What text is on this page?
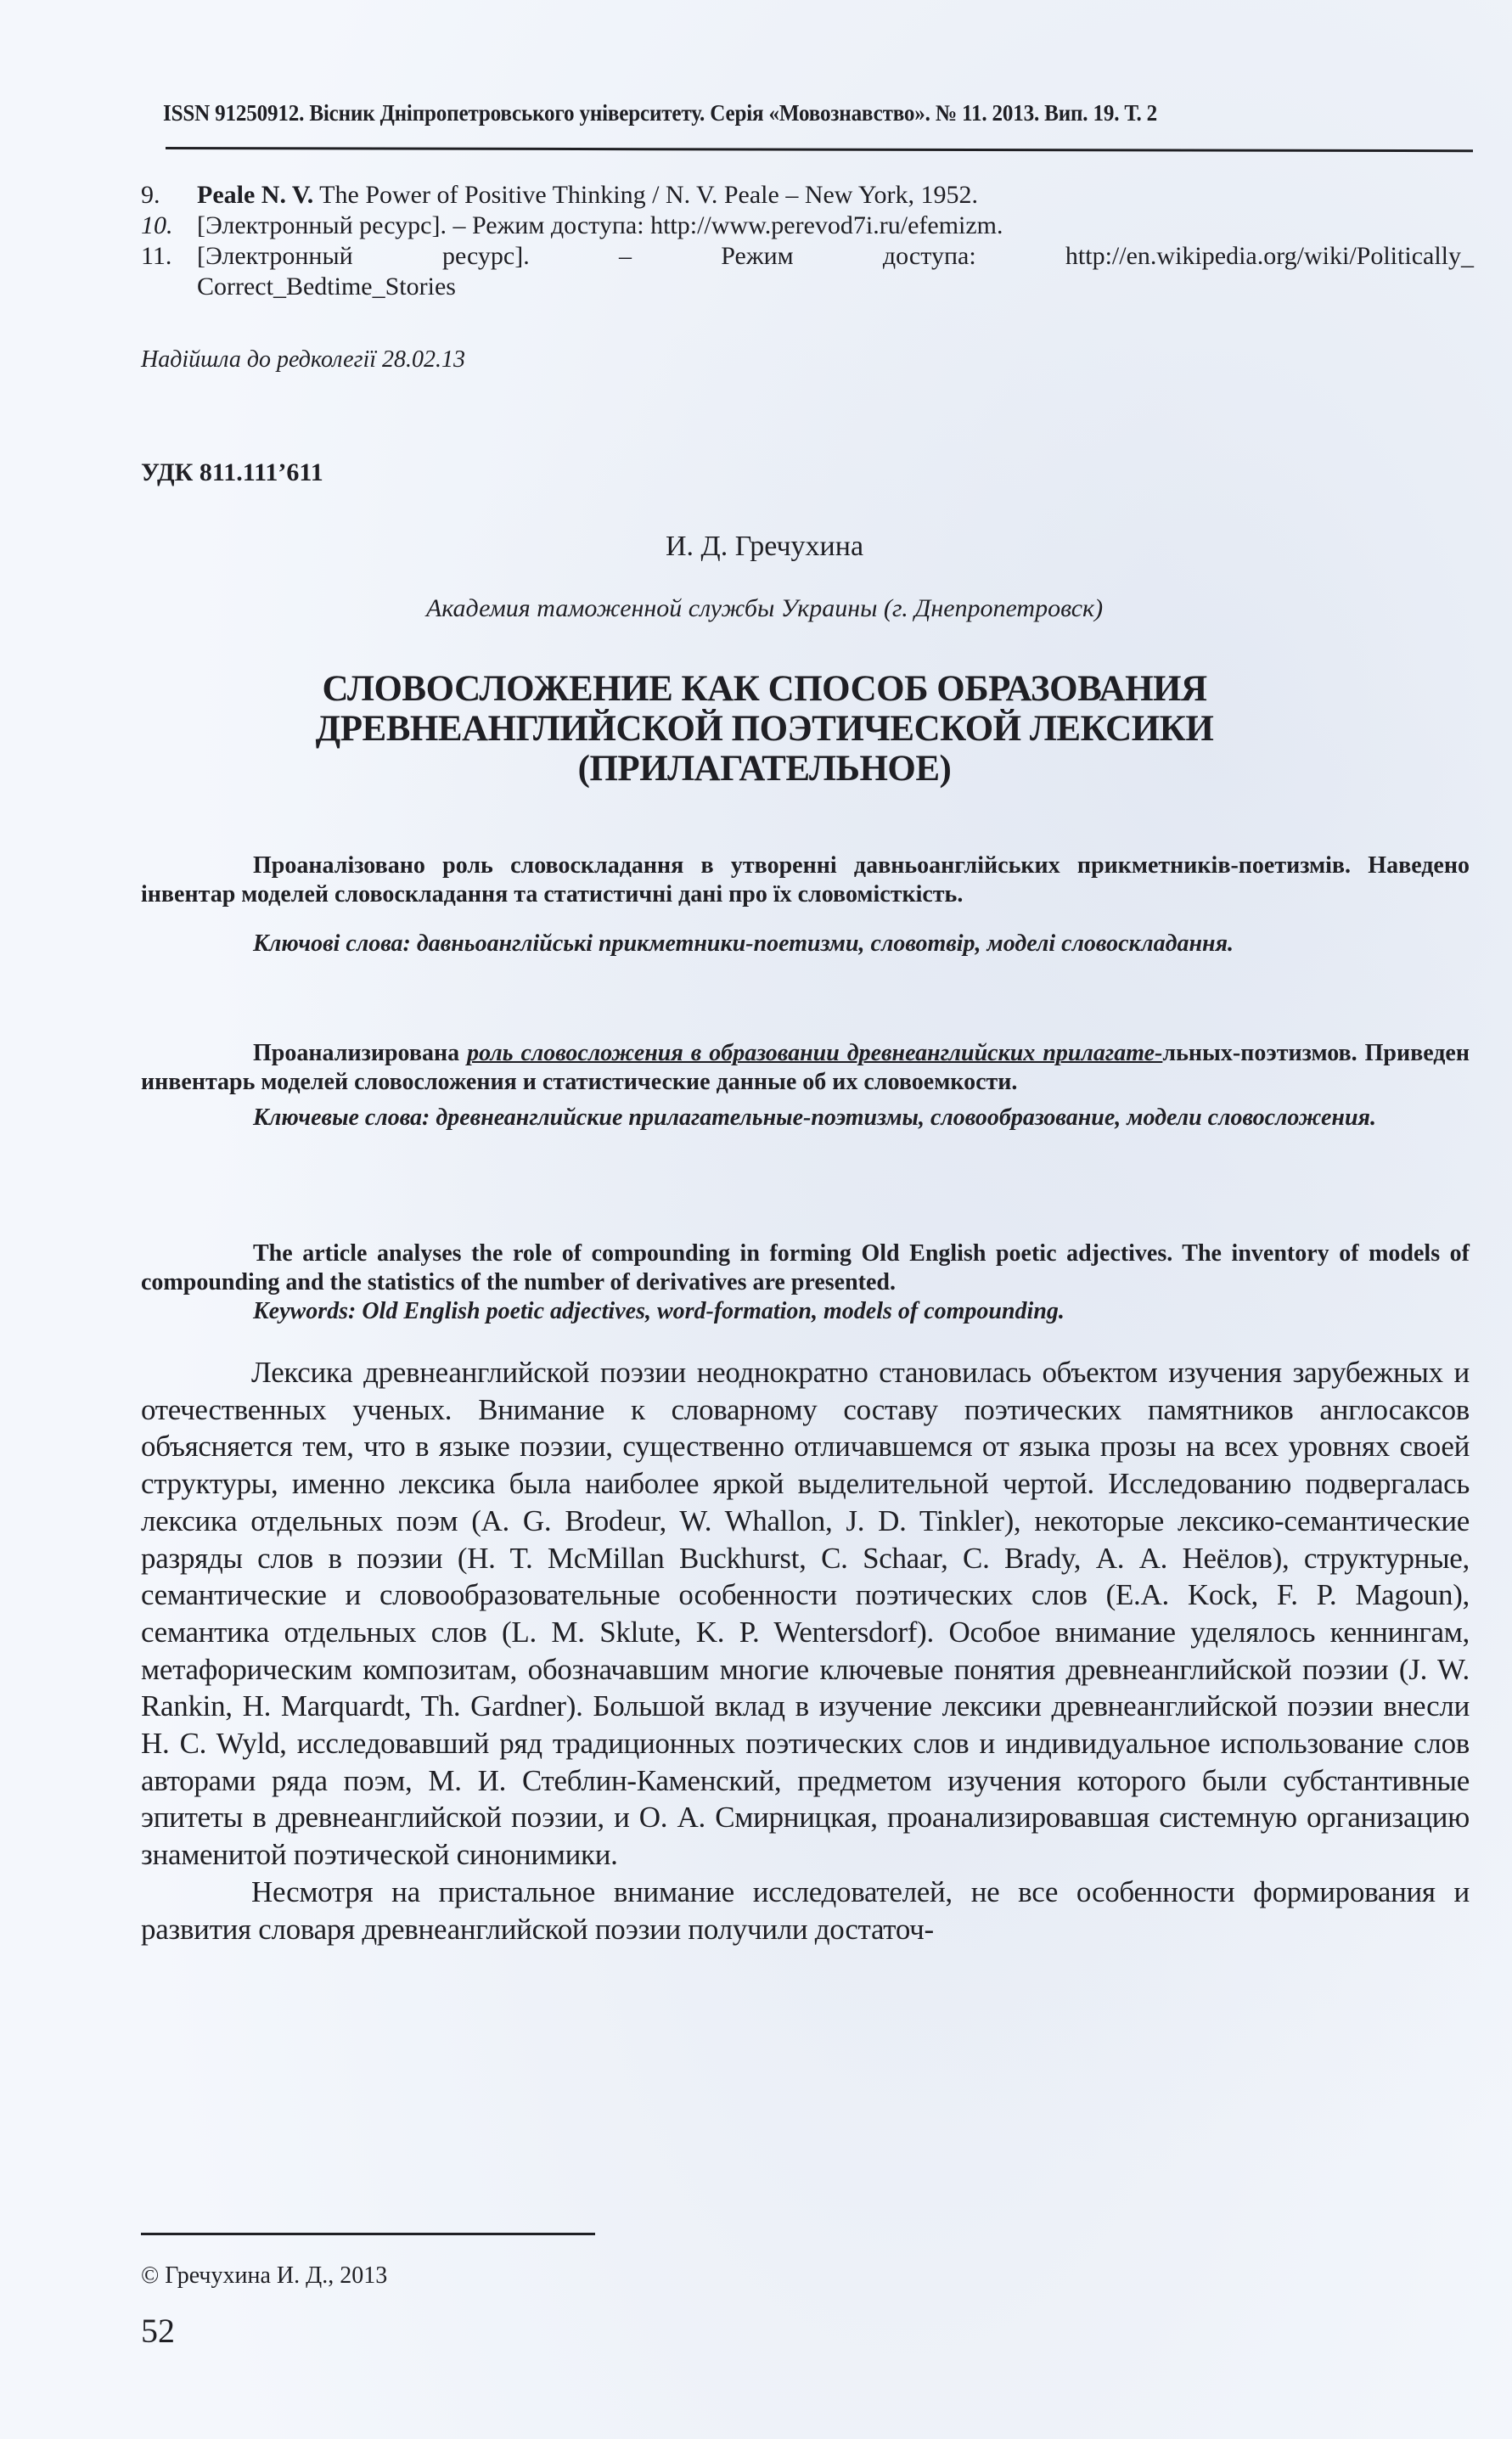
ISSN 91250912. Вісник Дніпропетровського університету. Серія «Мовознавство». № 11. 2013. Вип. 19. Т. 2
9.	Peale N. V. The Power of Positive Thinking / N. V. Peale – New York, 1952.
10. [Электронный ресурс]. – Режим доступа: http://www.perevod7i.ru/efemizm.
11. [Электронный	ресурс].	–	Режим	доступа:	http://en.wikipedia.org/wiki/Politically_
Correct_Bedtime_Stories
Надійшла до редколегії 28.02.13
УДК 811.111’611
И. Д. Гречухина
Академия таможенной службы Украины (г. Днепропетровск)
СЛОВОСЛОЖЕНИЕ КАК СПОСОБ ОБРАЗОВАНИЯ
ДРЕВНЕАНГЛИЙСКОЙ ПОЭТИЧЕСКОЙ ЛЕКСИКИ
(ПРИЛАГАТЕЛЬНОЕ)

Проаналізовано роль словоскладання в утворенні давньоанглійських прикметників-поетизмів. Наведено інвентар моделей словоскладання та статистичні дані про їх словомісткість.

Ключові слова: давньоанглійські прикметники-поетизми, словотвір, моделі словоскладання.

Проанализирована роль словосложения в образовании древнеанглийских прилагате-льных-поэтизмов. Приведен инвентарь моделей словосложения и статистические данные об их словоемкости.

Ключевые слова: древнеанглийские прилагательные-поэтизмы, словообразование, модели словосложения.

The article analyses the role of compounding in forming Old English poetic adjectives. The inventory of models of compounding and the statistics of the number of derivatives are presented.

Keywords: Old English poetic adjectives, word-formation, models of compounding.

Лексика древнеанглийской поэзии неоднократно становилась объектом изучения зарубежных и отечественных ученых. Внимание к словарному составу поэтических памятников англосаксов объясняется тем, что в языке поэзии, существенно отличавшемся от языка прозы на всех уровнях своей структуры, именно лексика была наиболее яркой выделительной чертой. Исследованию подвергалась лексика отдельных поэм (A. G. Brodeur, W. Whallon, J. D. Tinkler), некоторые лексико-семантические разряды слов в поэзии (H. T. McMillan Buckhurst, C. Schaar, C. Brady, А. А. Неёлов), структурные, семантические и словообразовательные особенности поэтических слов (E.A. Kock, F. P. Magoun), семантика отдельных слов (L. M. Sklute, K. P. Wentersdorf). Особое внимание уделялось кеннингам, метафорическим композитам, обозначавшим многие ключевые понятия древнеанглийской поэзии (J. W. Rankin, H. Marquardt, Th. Gardner). Большой вклад в изучение лексики древнеанглийской поэзии внесли H. C. Wyld, исследовавший ряд традиционных поэтических слов и индивидуальное использование слов авторами ряда поэм, М. И. Стеблин-Каменский, предметом изучения которого были субстантивные эпитеты в древнеанглийской поэзии, и О. А. Смирницкая, проанализировавшая системную организацию знаменитой поэтической синонимики.

Несмотря на пристальное внимание исследователей, не все особенности формирования и развития словаря древнеанглийской поэзии получили достаточ-

© Гречухина И. Д., 2013
52
